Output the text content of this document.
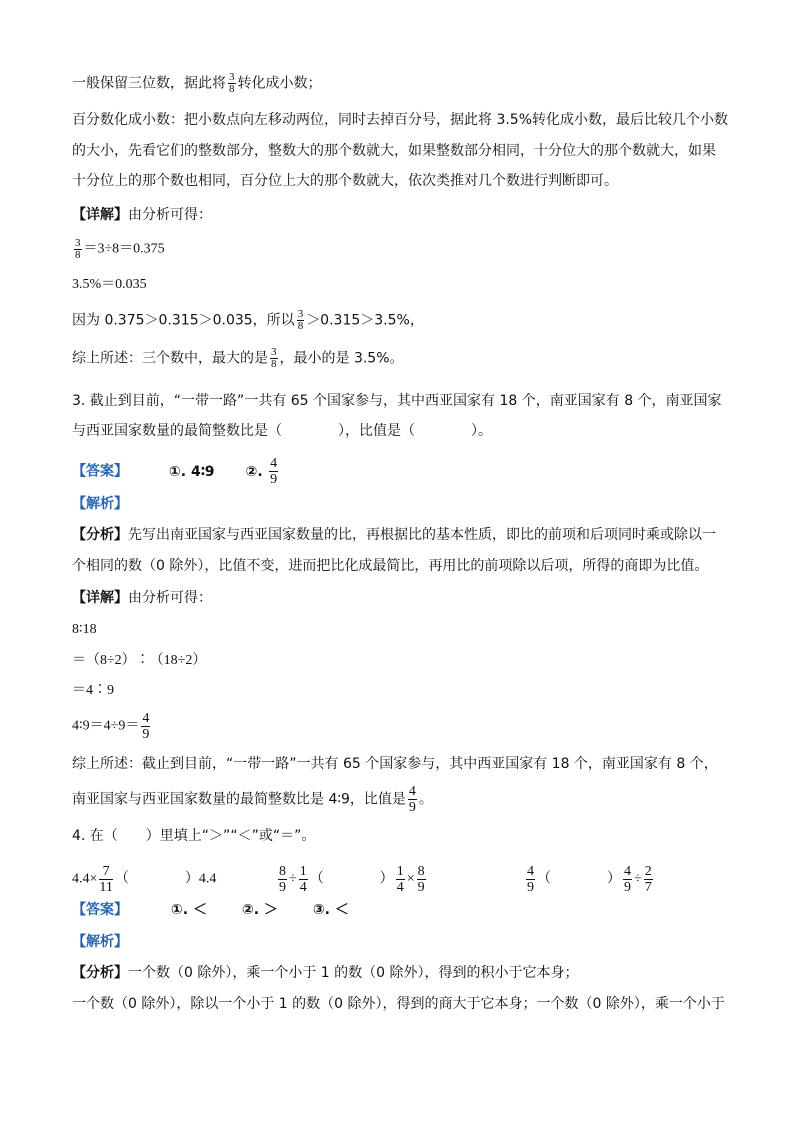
一般保留三位数，据此将 $\frac{3}{8}$ 转化成小数；
百分数化成小数：把小数点向左移动两位，同时去掉百分号，据此将 3.5%转化成小数，最后比较几个小数
的大小，先看它们的整数部分，整数大的那个数就大，如果整数部分相同，十分位大的那个数就大，如果
十分位上的那个数也相同，百分位上大的那个数就大，依次类推对几个数进行判断即可。
【详解】由分析可得：
$\frac{3}{8} =3\div 8=0.375$
3.5%＝0.035
因为 0.375＞0.315＞0.035，所以 $\frac{3}{8} >0.315>3.5\%$，
综上所述：三个数中，最大的是 $\frac{3}{8}$ ，最小的是 3.5%。
3. 截止到目前，“一带一路”一共有 65 个国家参与，其中西亚国家有 18 个，南亚国家有 8 个，南亚国家
与西亚国家数量的最简整数比是（　　　　），比值是（　　　　）。
【答案】	①. 4∶9 ②. $\frac{4}{9}$
【解析】
【分析】先写出南亚国家与西亚国家数量的比，再根据比的基本性质，即比的前项和后项同时乘或除以一
个相同的数（0 除外），比值不变，进而把比化成最简比，再用比的前项除以后项，所得的商即为比值。
【详解】由分析可得：
8∶18
＝（8÷2）∶（18÷2）
＝4∶9
4∶9＝4÷9＝ $\frac{4}{9}$
综上所述：截止到目前，“一带一路”一共有 65 个国家参与，其中西亚国家有 18 个，南亚国家有 8 个，
南亚国家与西亚国家数量的最简整数比是 4∶9，比值是 $\frac{4}{9}$ 。
4. 在（　　）里填上“＞”“＜”或“＝”。
$4.4\times \frac{7}{11}$ （　　　　）4.4	$\frac{8}{9} \div \frac{1}{4}$ （　　　　） $\frac{1}{4} \times \frac{8}{9}$	$\frac{4}{9}$ （　　　　） $\frac{4}{9} \div \frac{2}{7}$
【答案】	①. ＜ ②. ＞ ③. ＜
【解析】
【分析】一个数（0 除外），乘一个小于 1 的数（0 除外），得到的积小于它本身；
一个数（0 除外），除以一个小于 1 的数（0 除外），得到的商大于它本身；一个数（0 除外），乘一个小于
